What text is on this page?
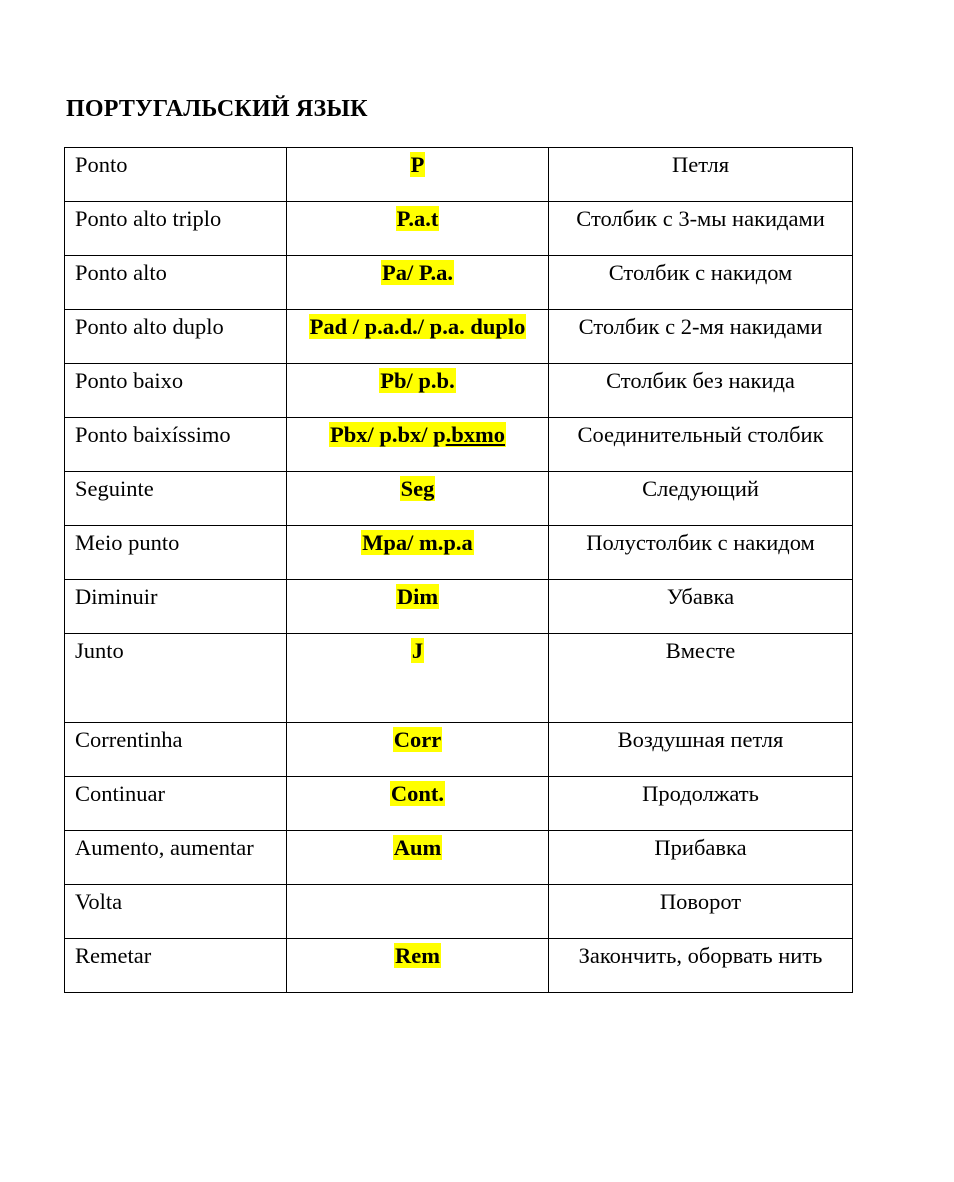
ПОРТУГАЛЬСКИЙ ЯЗЫК
Ponto	P	Петля
Ponto alto triplo	P.a.t	Столбик с 3-мы накидами
Ponto alto	Pa/ P.a.	Столбик с накидом
Ponto alto duplo	Pad / p.a.d./ p.a. duplo	Столбик с 2-мя накидами
Ponto baixo	Pb/ p.b.	Столбик без накида
Ponto baixíssimo	Pbx/ p.bx/ p.bxmo	Соединительный столбик
Seguinte	Seg	Следующий
Meio punto	Mpa/ m.p.a	Полустолбик с накидом
Diminuir	Dim	Убавка
Junto	J	Вместе
Correntinha	Corr	Воздушная петля
Continuar	Cont.	Продолжать
Aumento, aumentar	Aum	Прибавка
Volta		Поворот
Remetar	Rem	Закончить, оборвать нить
